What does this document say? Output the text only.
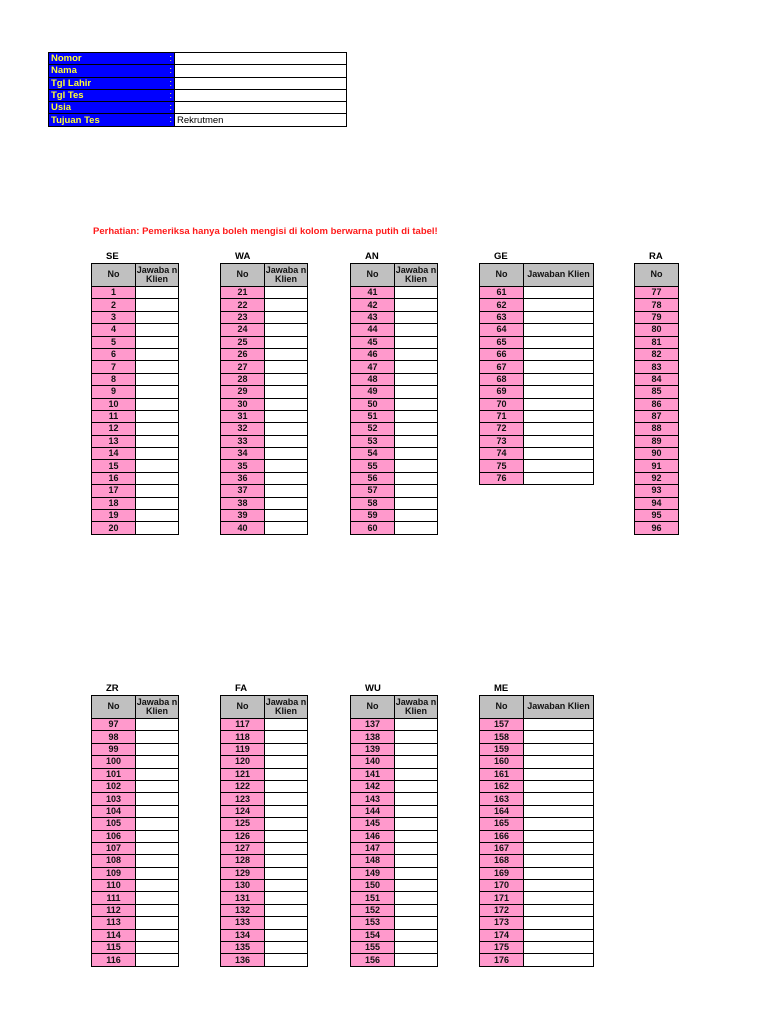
Nomor :	

Nama :	

Tgl Lahir :	

Tgl Tes :	

Usia :	

Tujuan Tes :	Rekrutmen
Perhatian: Pemeriksa hanya boleh mengisi di kolom berwarna putih di tabel!
SE
No	Jawaba n Klien
1	
2	
3	
4	
5	
6	
7	
8	
9	
10	
11	
12	
13	
14	
15	
16	
17	
18	
19	
20	
WA
No	Jawaba n Klien
21	
22	
23	
24	
25	
26	
27	
28	
29	
30	
31	
32	
33	
34	
35	
36	
37	
38	
39	
40	
AN
No	Jawaba n Klien
41	
42	
43	
44	
45	
46	
47	
48	
49	
50	
51	
52	
53	
54	
55	
56	
57	
58	
59	
60	
GE
No	Jawaban Klien
61	
62	
63	
64	
65	
66	
67	
68	
69	
70	
71	
72	
73	
74	
75	
76	
RA
No
77
78
79
80
81
82
83
84
85
86
87
88
89
90
91
92
93
94
95
96
ZR
No	Jawaba n Klien
97	
98	
99	
100	
101	
102	
103	
104	
105	
106	
107	
108	
109	
110	
111	
112	
113	
114	
115	
116	
FA
No	Jawaba n Klien
117	
118	
119	
120	
121	
122	
123	
124	
125	
126	
127	
128	
129	
130	
131	
132	
133	
134	
135	
136	
WU
No	Jawaba n Klien
137	
138	
139	
140	
141	
142	
143	
144	
145	
146	
147	
148	
149	
150	
151	
152	
153	
154	
155	
156	
ME
No	Jawaban Klien
157	
158	
159	
160	
161	
162	
163	
164	
165	
166	
167	
168	
169	
170	
171	
172	
173	
174	
175	
176	
